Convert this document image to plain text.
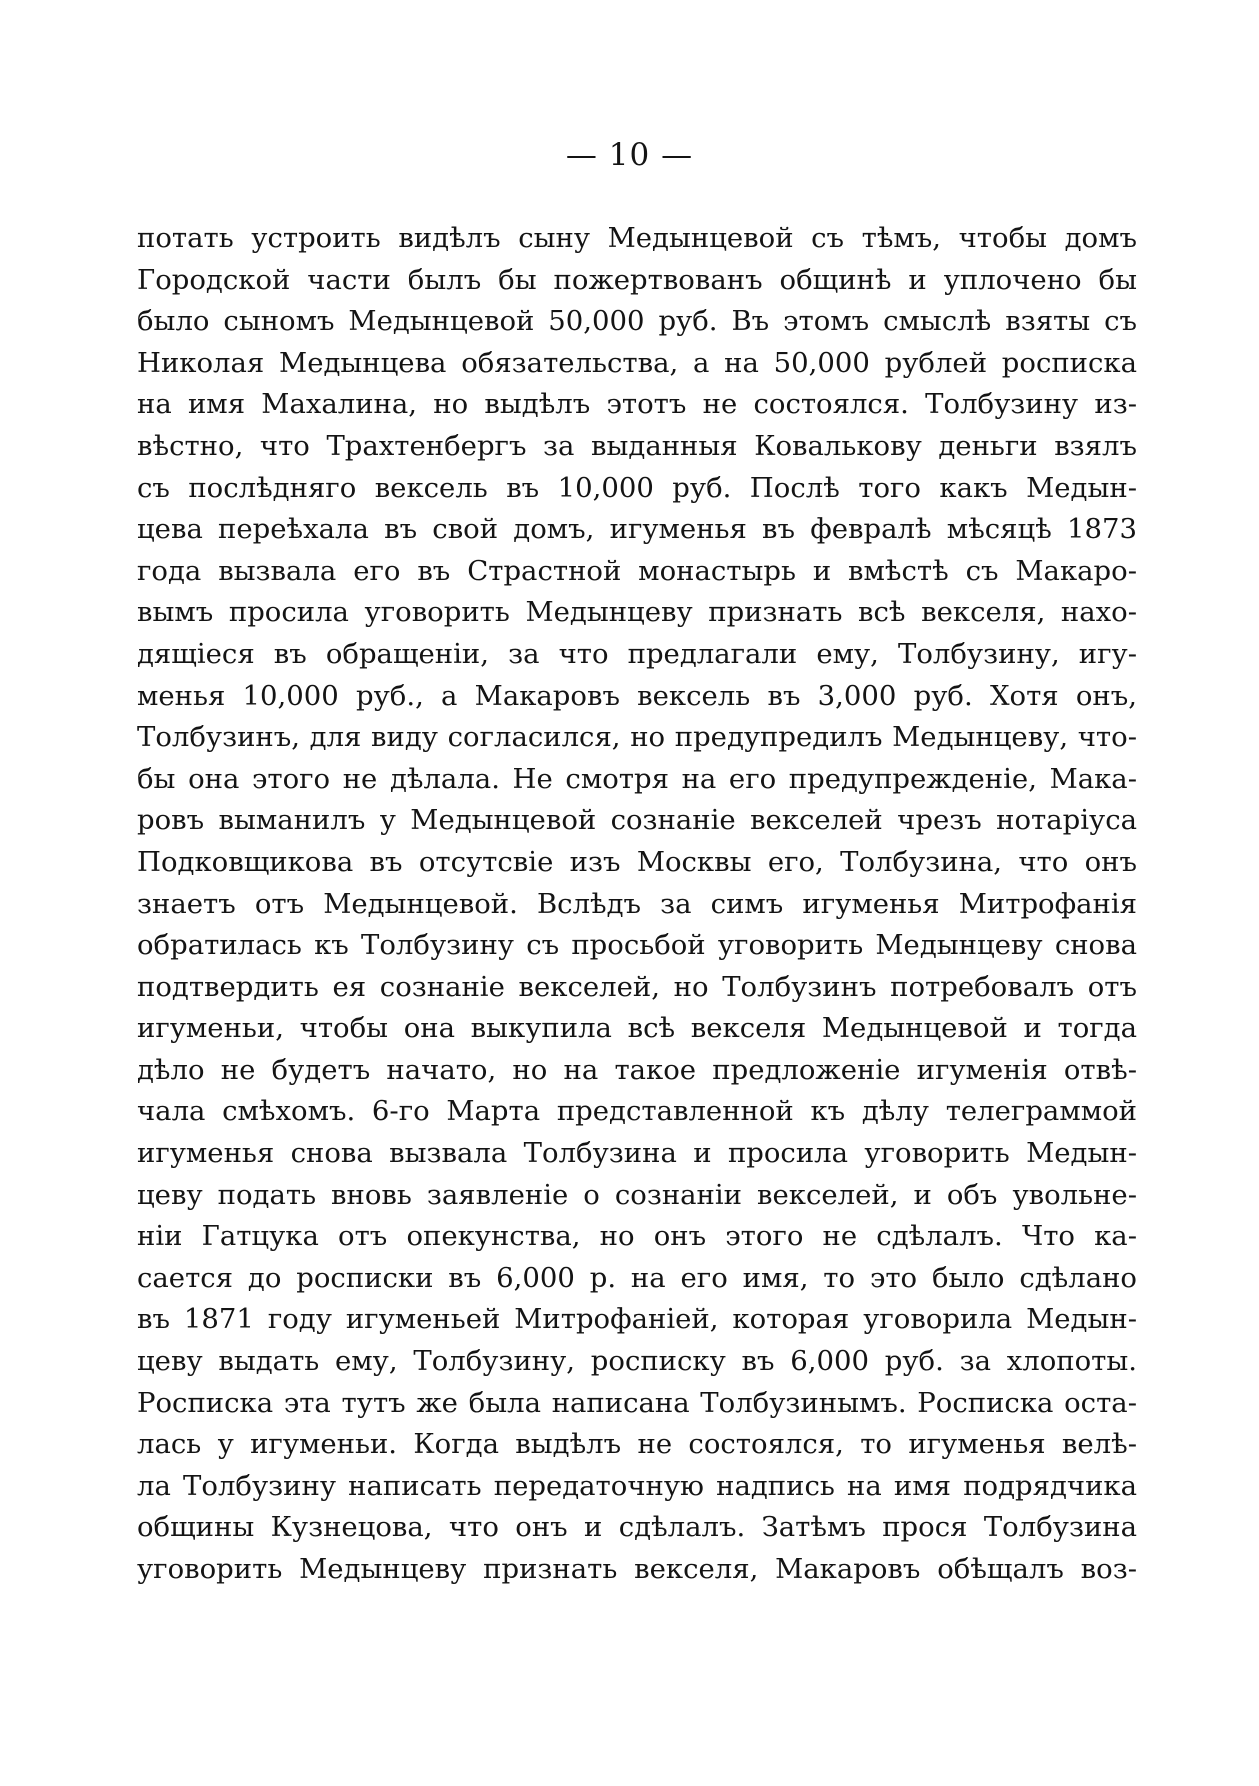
— 10 —
потать устроить видѣлъ сыну Медынцевой съ тѣмъ, чтобы домъ
Городской части былъ бы пожертвованъ общинѣ и уплочено бы
было сыномъ Медынцевой 50,000 руб. Въ этомъ смыслѣ взяты съ
Николая Медынцева обязательства, а на 50,000 рублей росписка
на имя Махалина, но выдѣлъ этотъ не состоялся. Толбузину из-
вѣстно, что Трахтенбергъ за выданныя Ковалькову деньги взялъ
съ послѣдняго вексель въ 10,000 руб. Послѣ того какъ Медын-
цева переѣхала въ свой домъ, игуменья въ февралѣ мѣсяцѣ 1873
года вызвала его въ Страстной монастырь и вмѣстѣ съ Макаро-
вымъ просила уговорить Медынцеву признать всѣ векселя, нахо-
дящіеся въ обращеніи, за что предлагали ему, Толбузину, игу-
менья 10,000 руб., а Макаровъ вексель въ 3,000 руб. Хотя онъ,
Толбузинъ, для виду согласился, но предупредилъ Медынцеву, что-
бы она этого не дѣлала. Не смотря на его предупрежденіе, Мака-
ровъ выманилъ у Медынцевой сознаніе векселей чрезъ нотаріуса
Подковщикова въ отсутсвіе изъ Москвы его, Толбузина, что онъ
знаетъ отъ Медынцевой. Вслѣдъ за симъ игуменья Митрофанія
обратилась къ Толбузину съ просьбой уговорить Медынцеву снова
подтвердить ея сознаніе векселей, но Толбузинъ потребовалъ отъ
игуменьи, чтобы она выкупила всѣ векселя Медынцевой и тогда
дѣло не будетъ начато, но на такое предложеніе игуменія отвѣ-
чала смѣхомъ. 6-го Марта представленной къ дѣлу телеграммой
игуменья снова вызвала Толбузина и просила уговорить Медын-
цеву подать вновь заявленіе о сознаніи векселей, и объ увольне-
ніи Гатцука отъ опекунства, но онъ этого не сдѣлалъ. Что ка-
сается до росписки въ 6,000 р. на его имя, то это было сдѣлано
въ 1871 году игуменьей Митрофаніей, которая уговорила Медын-
цеву выдать ему, Толбузину, росписку въ 6,000 руб. за хлопоты.
Росписка эта тутъ же была написана Толбузинымъ. Росписка оста-
лась у игуменьи. Когда выдѣлъ не состоялся, то игуменья велѣ-
ла Толбузину написать передаточную надпись на имя подрядчика
общины Кузнецова, что онъ и сдѣлалъ. Затѣмъ прося Толбузина
уговорить Медынцеву признать векселя, Макаровъ обѣщалъ воз-
